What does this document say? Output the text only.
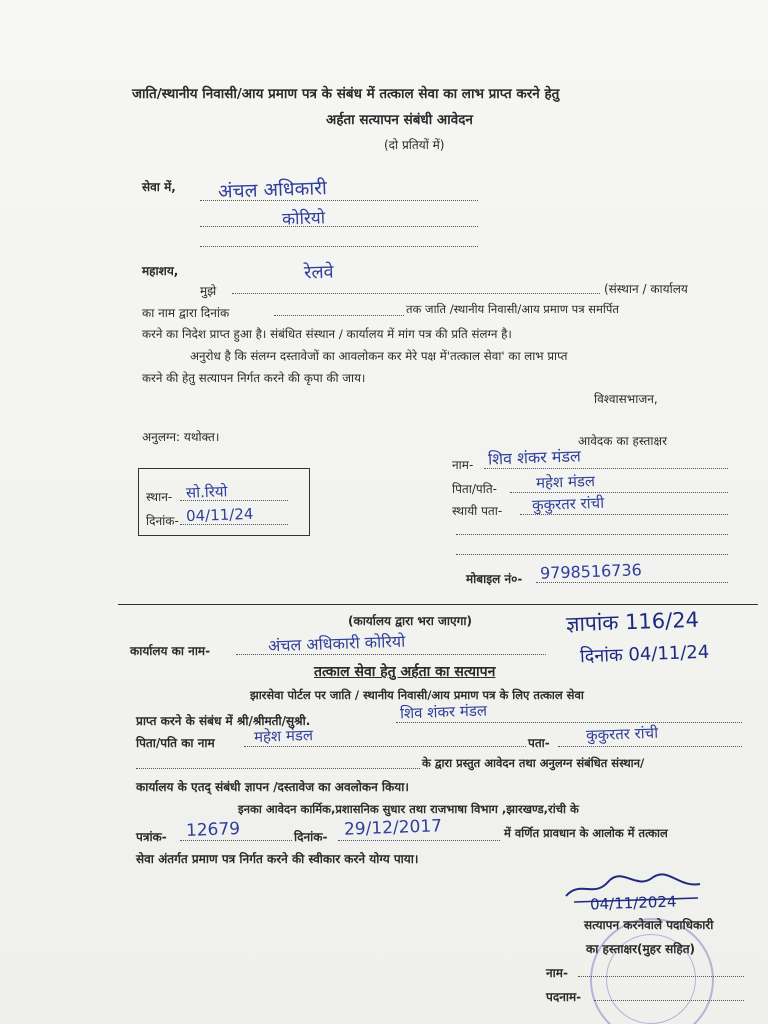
जाति/स्थानीय निवासी/आय प्रमाण पत्र के संबंध में तत्काल सेवा का लाभ प्राप्त करने हेतु
अर्हता सत्यापन संबंधी आवेदन
(दो प्रतियों में)
सेवा में, अंचल अधिकारी
कोरियो
महाशय,	रेलवे
मुझे	(संस्थान / कार्यालय
का नाम द्वारा दिनांक	तक जाति /स्थानीय निवासी/आय प्रमाण पत्र समर्पित
करने का निदेश प्राप्त हुआ है। संबंधित संस्थान / कार्यालय में मांग पत्र की प्रति संलग्न है।
अनुरोध है कि संलग्न दस्तावेजों का आवलोकन कर मेरे पक्ष में'तत्काल सेवा' का लाभ प्राप्त
करने की हेतु सत्यापन निर्गत करने की कृपा की जाय।
विश्वासभाजन,
अनुलग्न: यथोक्त।
स्थान- सो.रियो
दिनांक- 04/11/24
आवेदक का हस्ताक्षर
नाम- शिव शंकर मंडल
पिता/पति-	महेश मंडल
स्थायी पता- कुकुरतर रांची
मोबाइल नं०- 9798516736
(कार्यालय द्वारा भरा जाएगा)	ज्ञापांक 116/24
दिनांक 04/11/24
कार्यालय का नाम-	अंचल अधिकारी कोरियो
तत्काल सेवा हेतु अर्हता का सत्यापन
झारसेवा पोर्टल पर जाति / स्थानीय निवासी/आय प्रमाण पत्र के लिए तत्काल सेवा
प्राप्त करने के संबंध में श्री/श्रीमती/सुश्री.	शिव शंकर मंडल
पिता/पति का नाम	महेश मंडल	पता- कुकुरतर रांची
के द्वारा प्रस्तुत आवेदन तथा अनुलग्न संबंधित संस्थान/
कार्यालय के एतद् संबंधी ज्ञापन /दस्तावेज का अवलोकन किया।
इनका आवेदन कार्मिक,प्रशासनिक सुधार तथा राजभाषा विभाग ,झारखण्ड,रांची के
पत्रांक- 12679	दिनांक- 29/12/2017	में वर्णित प्रावधान के आलोक में तत्काल
सेवा अंतर्गत प्रमाण पत्र निर्गत करने की स्वीकार करने योग्य पाया।
04/11/2024
सत्यापन करनेवाले पदाधिकारी
का हस्ताक्षर(मुहर सहित)
नाम-
पदनाम-
